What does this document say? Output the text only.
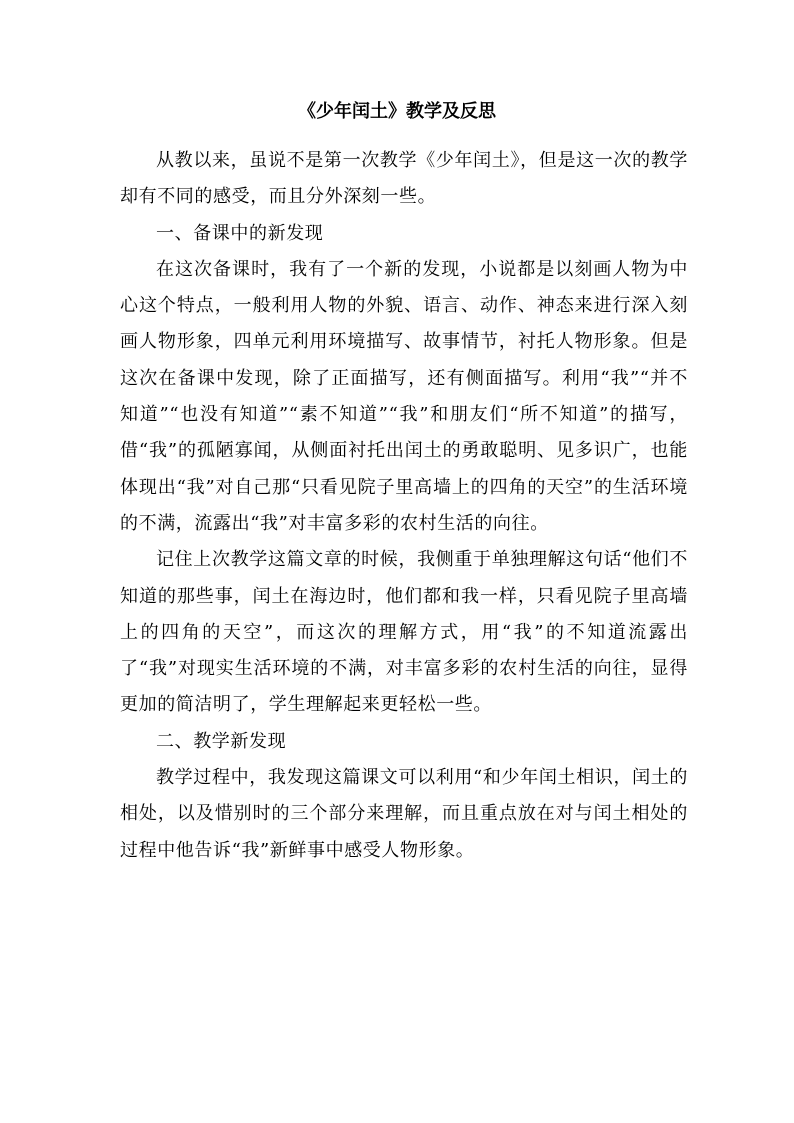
《少年闰土》教学及反思

从教以来，虽说不是第一次教学《少年闰土》，但是这一次的教学却有不同的感受，而且分外深刻一些。

一、备课中的新发现

在这次备课时，我有了一个新的发现，小说都是以刻画人物为中心这个特点，一般利用人物的外貌、语言、动作、神态来进行深入刻画人物形象，四单元利用环境描写、故事情节，衬托人物形象。但是这次在备课中发现，除了正面描写，还有侧面描写。利用“我”“并不知道”“也没有知道”“素不知道”“我”和朋友们“所不知道”的描写，借“我”的孤陋寡闻，从侧面衬托出闰土的勇敢聪明、见多识广，也能体现出“我”对自己那“只看见院子里高墙上的四角的天空”的生活环境的不满，流露出“我”对丰富多彩的农村生活的向往。

记住上次教学这篇文章的时候，我侧重于单独理解这句话“他们不知道的那些事，闰土在海边时，他们都和我一样，只看见院子里高墙上的四角的天空”，而这次的理解方式，用“我”的不知道流露出了“我”对现实生活环境的不满，对丰富多彩的农村生活的向往，显得更加的简洁明了，学生理解起来更轻松一些。

二、教学新发现

教学过程中，我发现这篇课文可以利用“和少年闰土相识，闰土的相处，以及惜别时的三个部分来理解，而且重点放在对与闰土相处的过程中他告诉“我”新鲜事中感受人物形象。
